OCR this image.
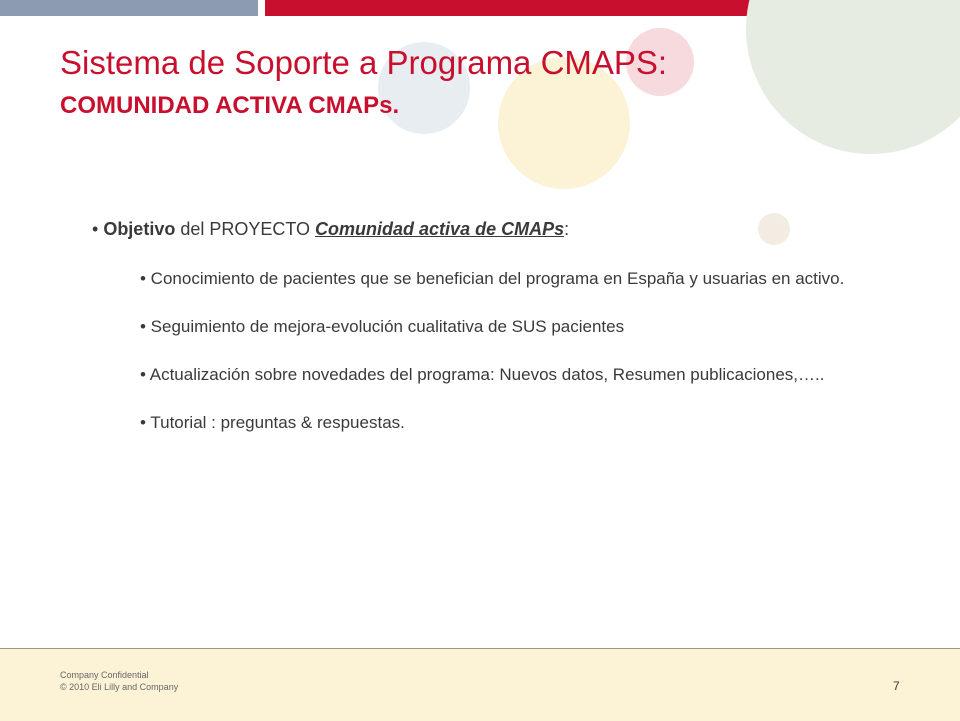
Sistema de Soporte a Programa CMAPS:
COMUNIDAD ACTIVA CMAPs.

• Objetivo del PROYECTO Comunidad activa de CMAPs:

• Conocimiento de pacientes que se benefician del programa en España y usuarias en activo.
• Seguimiento de mejora-evolución cualitativa de SUS pacientes
• Actualización sobre novedades del programa: Nuevos datos, Resumen publicaciones,…..
• Tutorial : preguntas & respuestas.
Company Confidential
© 2010 Eli Lilly and Company	7
